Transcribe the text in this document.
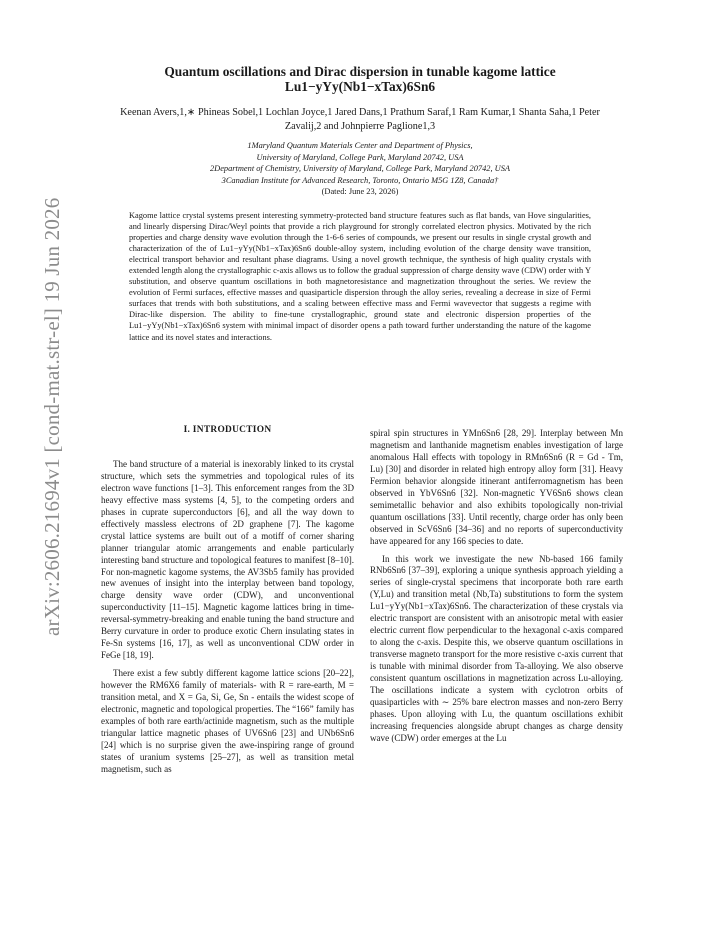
arXiv:2606.21694v1 [cond-mat.str-el] 19 Jun 2026
Quantum oscillations and Dirac dispersion in tunable kagome lattice
Lu1−yYy(Nb1−xTax)6Sn6

Keenan Avers,1,∗ Phineas Sobel,1 Lochlan Joyce,1 Jared Dans,1 Prathum Saraf,1 Ram Kumar,1 Shanta Saha,1 Peter Zavalij,2 and Johnpierre Paglione1,3

1Maryland Quantum Materials Center and Department of Physics,
University of Maryland, College Park, Maryland 20742, USA
2Department of Chemistry, University of Maryland, College Park, Maryland 20742, USA
3Canadian Institute for Advanced Research, Toronto, Ontario M5G 1Z8, Canada†
(Dated: June 23, 2026)

Kagome lattice crystal systems present interesting symmetry-protected band structure features such as flat bands, van Hove singularities, and linearly dispersing Dirac/Weyl points that provide a rich playground for strongly correlated electron physics. Motivated by the rich properties and charge density wave evolution through the 1-6-6 series of compounds, we present our results in single crystal growth and characterization of the of Lu1−yYy(Nb1−xTax)6Sn6 double-alloy system, including evolution of the charge density wave transition, electrical transport behavior and resultant phase diagrams. Using a novel growth technique, the synthesis of high quality crystals with extended length along the crystallographic c-axis allows us to follow the gradual suppression of charge density wave (CDW) order with Y substitution, and observe quantum oscillations in both magnetoresistance and magnetization throughout the series. We review the evolution of Fermi surfaces, effective masses and quasiparticle dispersion through the alloy series, revealing a decrease in size of Fermi surfaces that trends with both substitutions, and a scaling between effective mass and Fermi wavevector that suggests a regime with Dirac-like dispersion. The ability to fine-tune crystallographic, ground state and electronic dispersion properties of the Lu1−yYy(Nb1−xTax)6Sn6 system with minimal impact of disorder opens a path toward further understanding the nature of the kagome lattice and its novel states and interactions.

I. INTRODUCTION

The band structure of a material is inexorably linked to its crystal structure, which sets the symmetries and topological rules of its electron wave functions [1–3]. This enforcement ranges from the 3D heavy effective mass systems [4, 5], to the competing orders and phases in cuprate superconductors [6], and all the way down to effectively massless electrons of 2D graphene [7]. The kagome crystal lattice systems are built out of a motiff of corner sharing planner triangular atomic arrangements and enable particularly interesting band structure and topological features to manifest [8–10]. For non-magnetic kagome systems, the AV3Sb5 family has provided new avenues of insight into the interplay between band topology, charge density wave order (CDW), and unconventional superconductivity [11–15]. Magnetic kagome lattices bring in time-reversal-symmetry-breaking and enable tuning the band structure and Berry curvature in order to produce exotic Chern insulating states in Fe-Sn systems [16, 17], as well as unconventional CDW order in FeGe [18, 19].

There exist a few subtly different kagome lattice scions [20–22], however the RM6X6 family of materials- with R = rare-earth, M = transition metal, and X = Ga, Si, Ge, Sn - entails the widest scope of electronic, magnetic and topological properties. The “166” family has examples of both rare earth/actinide magnetism, such as the multiple triangular lattice magnetic phases of UV6Sn6 [23] and UNb6Sn6 [24] which is no surprise given the awe-inspiring range of ground states of uranium systems [25–27], as well as transition metal magnetism, such as

spiral spin structures in YMn6Sn6 [28, 29]. Interplay between Mn magnetism and lanthanide magnetism enables investigation of large anomalous Hall effects with topology in RMn6Sn6 (R = Gd - Tm, Lu) [30] and disorder in related high entropy alloy form [31]. Heavy Fermion behavior alongside itinerant antiferromagnetism has been observed in YbV6Sn6 [32]. Non-magnetic YV6Sn6 shows clean semimetallic behavior and also exhibits topologically non-trivial quantum oscillations [33]. Until recently, charge order has only been observed in ScV6Sn6 [34–36] and no reports of superconductivity have appeared for any 166 species to date.

In this work we investigate the new Nb-based 166 family RNb6Sn6 [37–39], exploring a unique synthesis approach yielding a series of single-crystal specimens that incorporate both rare earth (Y,Lu) and transition metal (Nb,Ta) substitutions to form the system Lu1−yYy(Nb1−xTax)6Sn6. The characterization of these crystals via electric transport are consistent with an anisotropic metal with easier electric current flow perpendicular to the hexagonal c-axis compared to along the c-axis. Despite this, we observe quantum oscillations in transverse magneto transport for the more resistive c-axis current that is tunable with minimal disorder from Ta-alloying. We also observe consistent quantum oscillations in magnetization across Lu-alloying. The oscillations indicate a system with cyclotron orbits of quasiparticles with ∼ 25% bare electron masses and non-zero Berry phases. Upon alloying with Lu, the quantum oscillations exhibit increasing frequencies alongside abrupt changes as charge density wave (CDW) order emerges at the Lu
